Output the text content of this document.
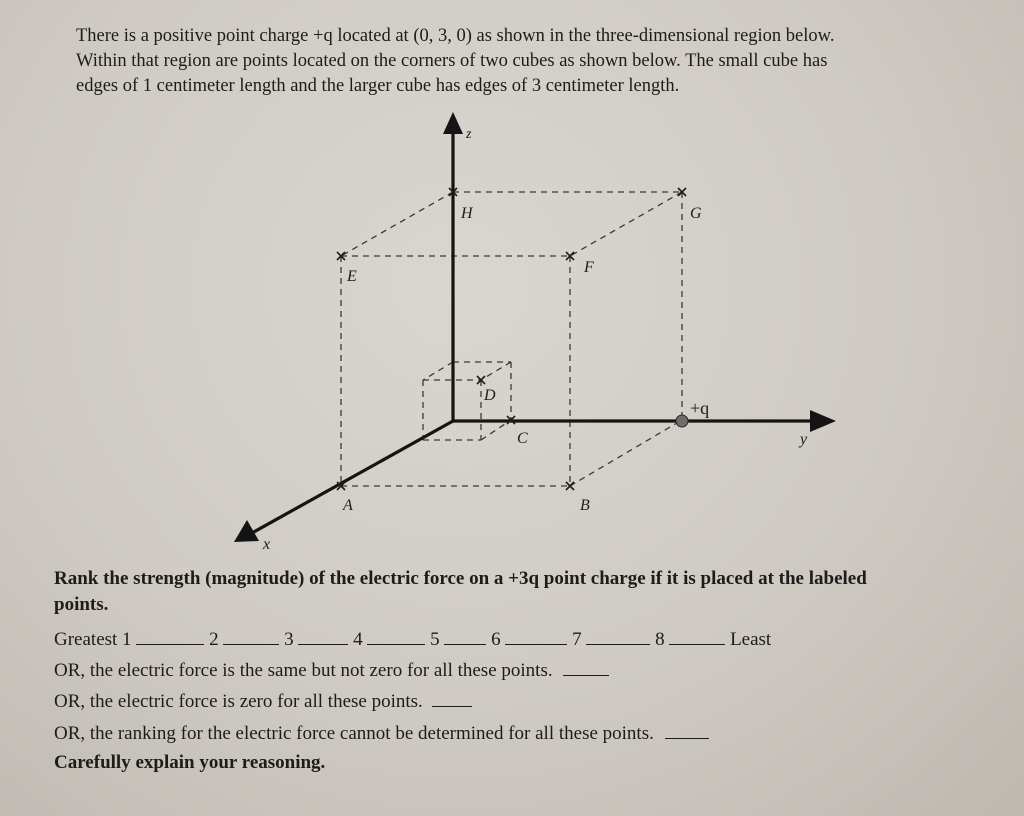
There is a positive point charge +q located at (0, 3, 0) as shown in the three-dimensional region below.

Within that region are points located on the corners of two cubes as shown below. The small cube has

edges of 1 centimeter length and the larger cube has edges of 3 centimeter length.

+q
z
y
x
H	G
E
F
D
C
A	B

Rank the strength (magnitude) of the electric force on a +3q point charge if it is placed at the labeled

points.

Greatest 1	2	3	4	5	6	7	8	Least
OR, the electric force is the same but not zero for all these points.
OR, the electric force is zero for all these points.
OR, the ranking for the electric force cannot be determined for all these points.
Carefully explain your reasoning.
